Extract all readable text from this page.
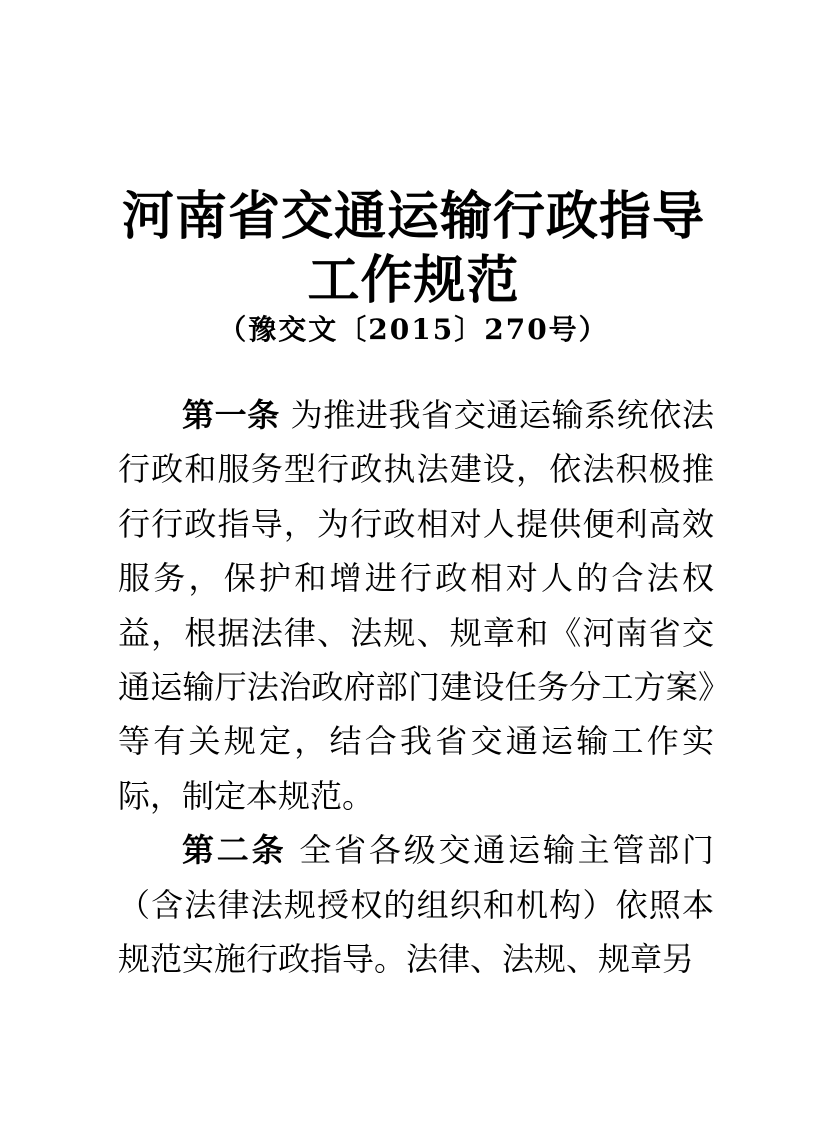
河南省交通运输行政指导
工作规范
（豫交文〔2015〕270号）

第一条 为推进我省交通运输系统依法行政和服务型行政执法建设，依法积极推行行政指导，为行政相对人提供便利高效服务，保护和增进行政相对人的合法权益，根据法律、法规、规章和《河南省交通运输厅法治政府部门建设任务分工方案》等有关规定，结合我省交通运输工作实际，制定本规范。

第二条 全省各级交通运输主管部门（含法律法规授权的组织和机构）依照本规范实施行政指导。法律、法规、规章另
